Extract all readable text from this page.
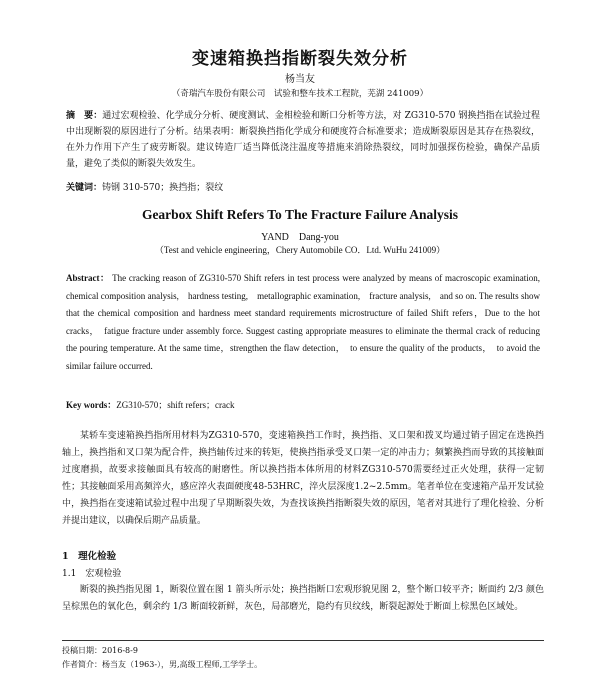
变速箱换挡指断裂失效分析
杨当友
（奇瑞汽车股份有限公司　试验和整车技术工程院，芜湖 241009）
摘　要：通过宏观检验、化学成分分析、硬度测试、金相检验和断口分析等方法，对 ZG310-570 钢换挡指在试验过程中出现断裂的原因进行了分析。结果表明：断裂换挡指化学成分和硬度符合标准要求；造成断裂原因是其存在热裂纹，在外力作用下产生了疲劳断裂。建议铸造厂适当降低浇注温度等措施来消除热裂纹，同时加强探伤检验，确保产品质量，避免了类似的断裂失效发生。
关键词：铸钢 310-570；换挡指；裂纹
Gearbox Shift Refers To The Fracture Failure Analysis
YAND　Dang-you
（Test and vehicle engineering，Chery Automobile CO．Ltd. WuHu 241009）
Abstract： The cracking reason of ZG310-570 Shift refers in test process were analyzed by means of macroscopic examination,　chemical composition analysis,　hardness testing,　metallographic examination,　fracture analysis,　and so on. The results show that the chemical composition and hardness meet standard requirements microstructure of failed Shift refers，Due to the hot cracks，　fatigue fracture under assembly force. Suggest casting appropriate measures to eliminate the thermal crack of reducing the pouring temperature. At the same time，strengthen the flaw detection，　to ensure the quality of the products，　to avoid the similar failure occurred.
Key words：ZG310-570；shift refers；crack
某轿车变速箱换挡指所用材料为ZG310-570，变速箱换挡工作时，换挡指、叉口架和拨叉均通过销子固定在选换挡轴上，换挡指和叉口架为配合件，换挡轴传过来的转矩，使换挡指承受叉口架一定的冲击力；频繁换挡而导致的其接触面过度磨损，故要求接触面具有较高的耐磨性。所以换挡指本体所用的材料ZG310-570需要经过正火处理，获得一定韧性；其接触面采用高频淬火，感应淬火表面硬度48-53HRC，淬火层深度1.2~2.5mm。笔者单位在变速箱产品开发试验中，换挡指在变速箱试验过程中出现了早期断裂失效，为查找该换挡指断裂失效的原因，笔者对其进行了理化检验、分析并提出建议，以确保后期产品质量。
1　理化检验
1.1　宏观检验
断裂的换挡指见图 1，断裂位置在图 1 箭头所示处；换挡指断口宏观形貌见图 2，整个断口较平齐；断面约 2/3 颜色呈棕黑色的氧化色，剩余约 1/3 断面较新鲜，灰色，局部磨光，隐约有贝纹线，断裂起源处于断面上棕黑色区域处。
投稿日期：2016-8-9
作者简介：杨当友（1963-），男,高级工程师,工学学士。
